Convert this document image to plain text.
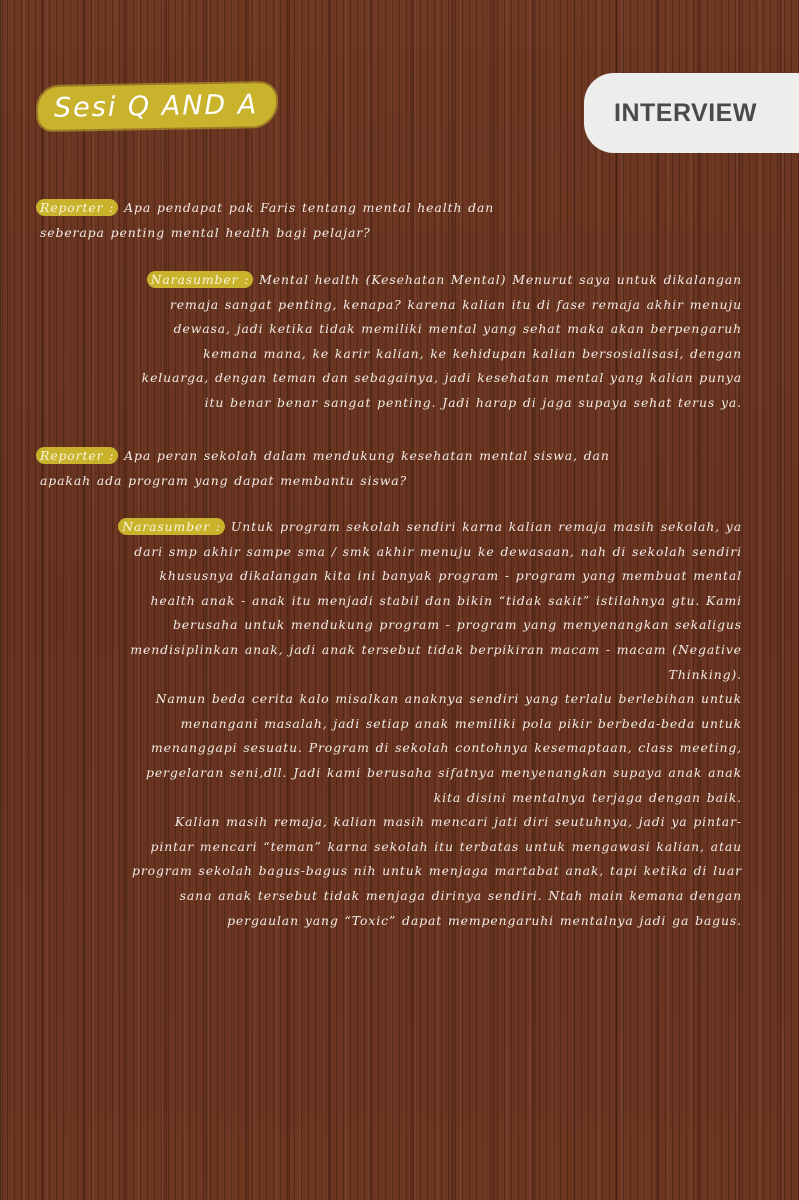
Sesi Q AND A	INTERVIEW
Reporter : Apa pendapat pak Faris tentang mental health dan
seberapa penting mental health bagi pelajar?
Narasumber : Mental health (Kesehatan Mental) Menurut saya untuk dikalangan
remaja sangat penting, kenapa? karena kalian itu di fase remaja akhir menuju
dewasa, jadi ketika tidak memiliki mental yang sehat maka akan berpengaruh
kemana mana, ke karir kalian, ke kehidupan kalian bersosialisasi, dengan
keluarga, dengan teman dan sebagainya, jadi kesehatan mental yang kalian punya
itu benar benar sangat penting. Jadi harap di jaga supaya sehat terus ya.
Reporter : Apa peran sekolah dalam mendukung kesehatan mental siswa, dan
apakah ada program yang dapat membantu siswa?
Narasumber : Untuk program sekolah sendiri karna kalian remaja masih sekolah, ya
dari smp akhir sampe sma / smk akhir menuju ke dewasaan, nah di sekolah sendiri
khususnya dikalangan kita ini banyak program - program yang membuat mental
health anak - anak itu menjadi stabil dan bikin “tidak sakit” istilahnya gtu. Kami
berusaha untuk mendukung program - program yang menyenangkan sekaligus
mendisiplinkan anak, jadi anak tersebut tidak berpikiran macam - macam (Negative
Thinking).
Namun beda cerita kalo misalkan anaknya sendiri yang terlalu berlebihan untuk
menangani masalah, jadi setiap anak memiliki pola pikir berbeda-beda untuk
menanggapi sesuatu. Program di sekolah contohnya kesemaptaan, class meeting,
pergelaran seni,dll. Jadi kami berusaha sifatnya menyenangkan supaya anak anak
kita disini mentalnya terjaga dengan baik.
Kalian masih remaja, kalian masih mencari jati diri seutuhnya, jadi ya pintar-
pintar mencari “teman” karna sekolah itu terbatas untuk mengawasi kalian, atau
program sekolah bagus-bagus nih untuk menjaga martabat anak, tapi ketika di luar
sana anak tersebut tidak menjaga dirinya sendiri. Ntah main kemana dengan
pergaulan yang “Toxic” dapat mempengaruhi mentalnya jadi ga bagus.
